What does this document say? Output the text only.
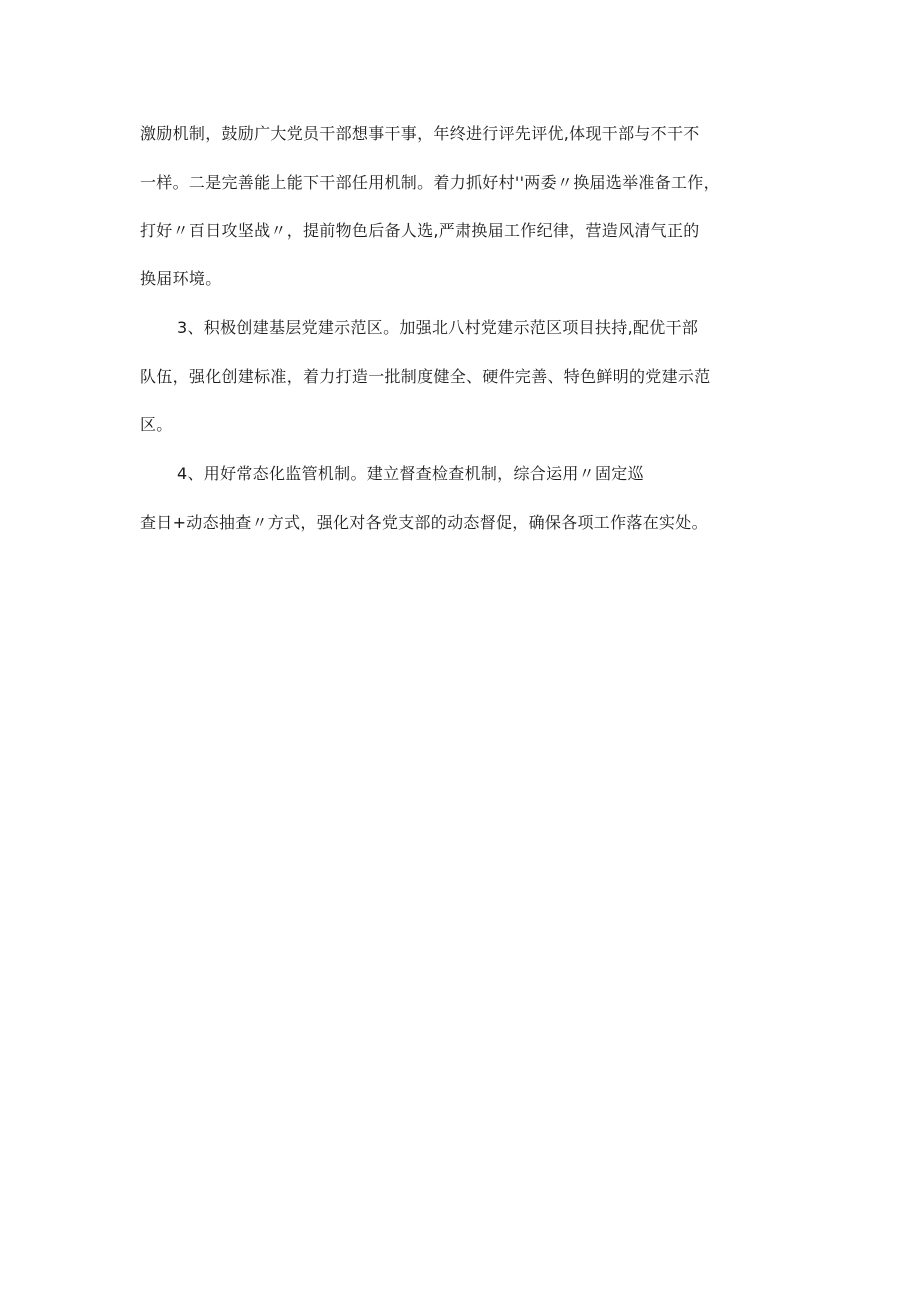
激励机制，鼓励广大党员干部想事干事，年终进行评先评优,体现干部与不干不
一样。二是完善能上能下干部任用机制。着力抓好村''两委〃换届选举准备工作，
打好〃百日攻坚战〃，提前物色后备人选,严肃换届工作纪律，营造风清气正的
换届环境。
3、积极创建基层党建示范区。加强北八村党建示范区项目扶持,配优干部
队伍，强化创建标准，着力打造一批制度健全、硬件完善、特色鲜明的党建示范
区。
4、用好常态化监管机制。建立督查检查机制，综合运用〃固定巡
查日+动态抽查〃方式，强化对各党支部的动态督促，确保各项工作落在实处。
